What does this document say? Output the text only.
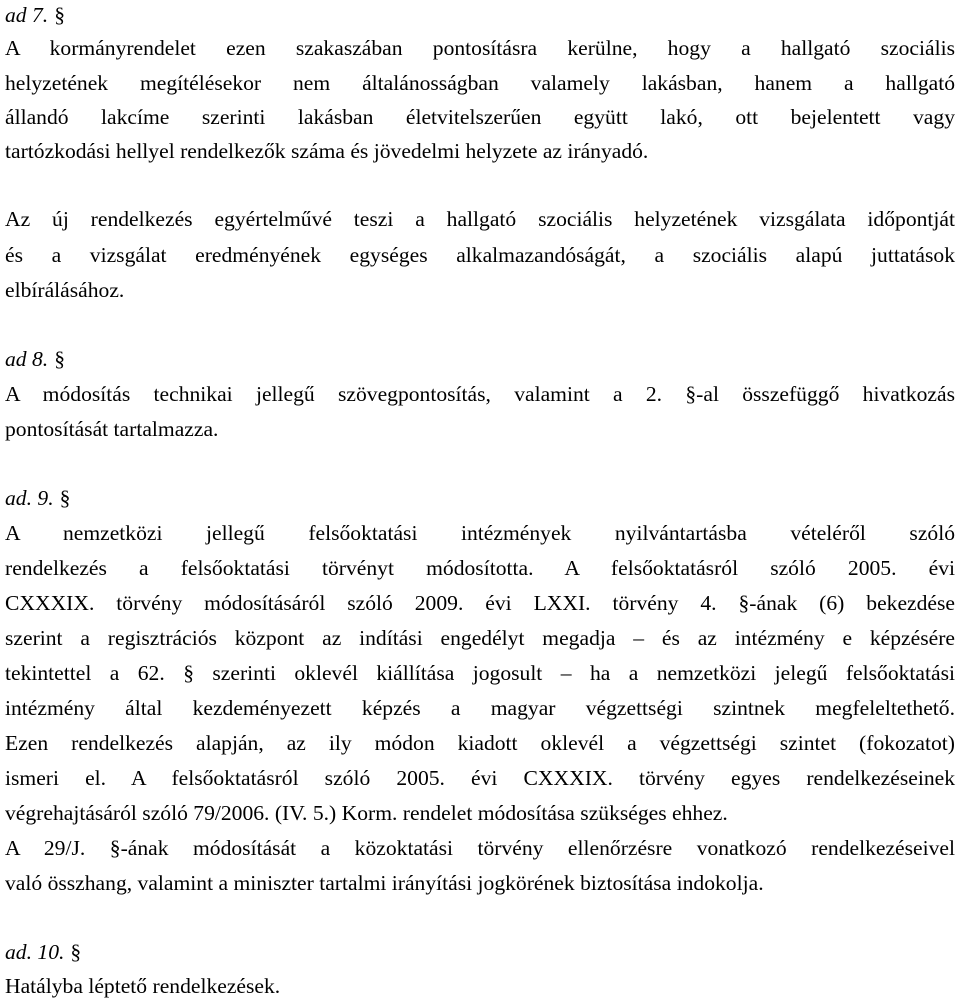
ad 7. §
A kormányrendelet ezen szakaszában pontosításra kerülne, hogy a hallgató szociális
helyzetének megítélésekor nem általánosságban valamely lakásban, hanem a hallgató
állandó lakcíme szerinti lakásban életvitelszerűen együtt lakó, ott bejelentett vagy
tartózkodási hellyel rendelkezők száma és jövedelmi helyzete az irányadó.
Az új rendelkezés egyértelművé teszi a hallgató szociális helyzetének vizsgálata időpontját
és a vizsgálat eredményének egységes alkalmazandóságát, a szociális alapú juttatások
elbírálásához.
ad 8. §
A módosítás technikai jellegű szövegpontosítás, valamint a 2. §-al összefüggő hivatkozás
pontosítását tartalmazza.
ad. 9. §
A nemzetközi jellegű felsőoktatási intézmények nyilvántartásba vételéről szóló
rendelkezés a felsőoktatási törvényt módosította. A felsőoktatásról szóló 2005. évi
CXXXIX. törvény módosításáról szóló 2009. évi LXXI. törvény 4. §-ának (6) bekezdése
szerint a regisztrációs központ az indítási engedélyt megadja – és az intézmény e képzésére
tekintettel a 62. § szerinti oklevél kiállítása jogosult – ha a nemzetközi jelegű felsőoktatási
intézmény által kezdeményezett képzés a magyar végzettségi szintnek megfeleltethető.
Ezen rendelkezés alapján, az ily módon kiadott oklevél a végzettségi szintet (fokozatot)
ismeri el. A felsőoktatásról szóló 2005. évi CXXXIX. törvény egyes rendelkezéseinek
végrehajtásáról szóló 79/2006. (IV. 5.) Korm. rendelet módosítása szükséges ehhez.
A 29/J. §-ának módosítását a közoktatási törvény ellenőrzésre vonatkozó rendelkezéseivel
való összhang, valamint a miniszter tartalmi irányítási jogkörének biztosítása indokolja.
ad. 10. §
Hatályba léptető rendelkezések.
